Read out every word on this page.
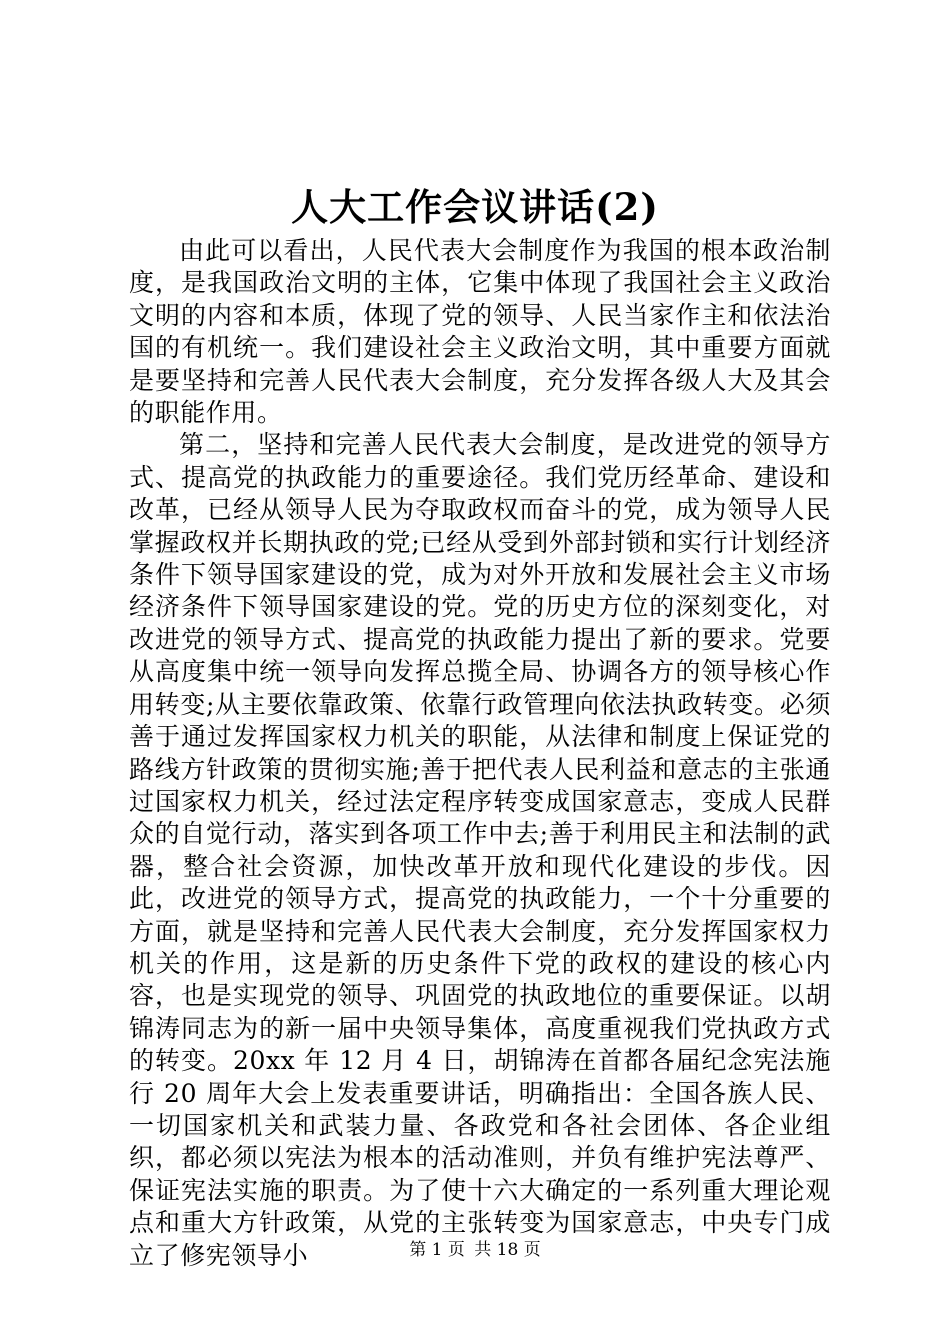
人大工作会议讲话(2)

由此可以看出，人民代表大会制度作为我国的根本政治制度，是我国政治文明的主体，它集中体现了我国社会主义政治文明的内容和本质，体现了党的领导、人民当家作主和依法治国的有机统一。我们建设社会主义政治文明，其中重要方面就是要坚持和完善人民代表大会制度，充分发挥各级人大及其会的职能作用。

第二，坚持和完善人民代表大会制度，是改进党的领导方式、提高党的执政能力的重要途径。我们党历经革命、建设和改革，已经从领导人民为夺取政权而奋斗的党，成为领导人民掌握政权并长期执政的党;已经从受到外部封锁和实行计划经济条件下领导国家建设的党，成为对外开放和发展社会主义市场经济条件下领导国家建设的党。党的历史方位的深刻变化，对改进党的领导方式、提高党的执政能力提出了新的要求。党要从高度集中统一领导向发挥总揽全局、协调各方的领导核心作用转变;从主要依靠政策、依靠行政管理向依法执政转变。必须善于通过发挥国家权力机关的职能，从法律和制度上保证党的路线方针政策的贯彻实施;善于把代表人民利益和意志的主张通过国家权力机关，经过法定程序转变成国家意志，变成人民群众的自觉行动，落实到各项工作中去;善于利用民主和法制的武器，整合社会资源，加快改革开放和现代化建设的步伐。因此，改进党的领导方式，提高党的执政能力，一个十分重要的方面，就是坚持和完善人民代表大会制度，充分发挥国家权力机关的作用，这是新的历史条件下党的政权的建设的核心内容，也是实现党的领导、巩固党的执政地位的重要保证。以胡锦涛同志为的新一届中央领导集体，高度重视我们党执政方式的转变。20xx 年 12 月 4 日，胡锦涛在首都各届纪念宪法施行 20 周年大会上发表重要讲话，明确指出：全国各族人民、一切国家机关和武装力量、各政党和各社会团体、各企业组织，都必须以宪法为根本的活动准则，并负有维护宪法尊严、保证宪法实施的职责。为了使十六大确定的一系列重大理论观点和重大方针政策，从党的主张转变为国家意志，中央专门成立了修宪领导小	第 1 页 共 18 页
